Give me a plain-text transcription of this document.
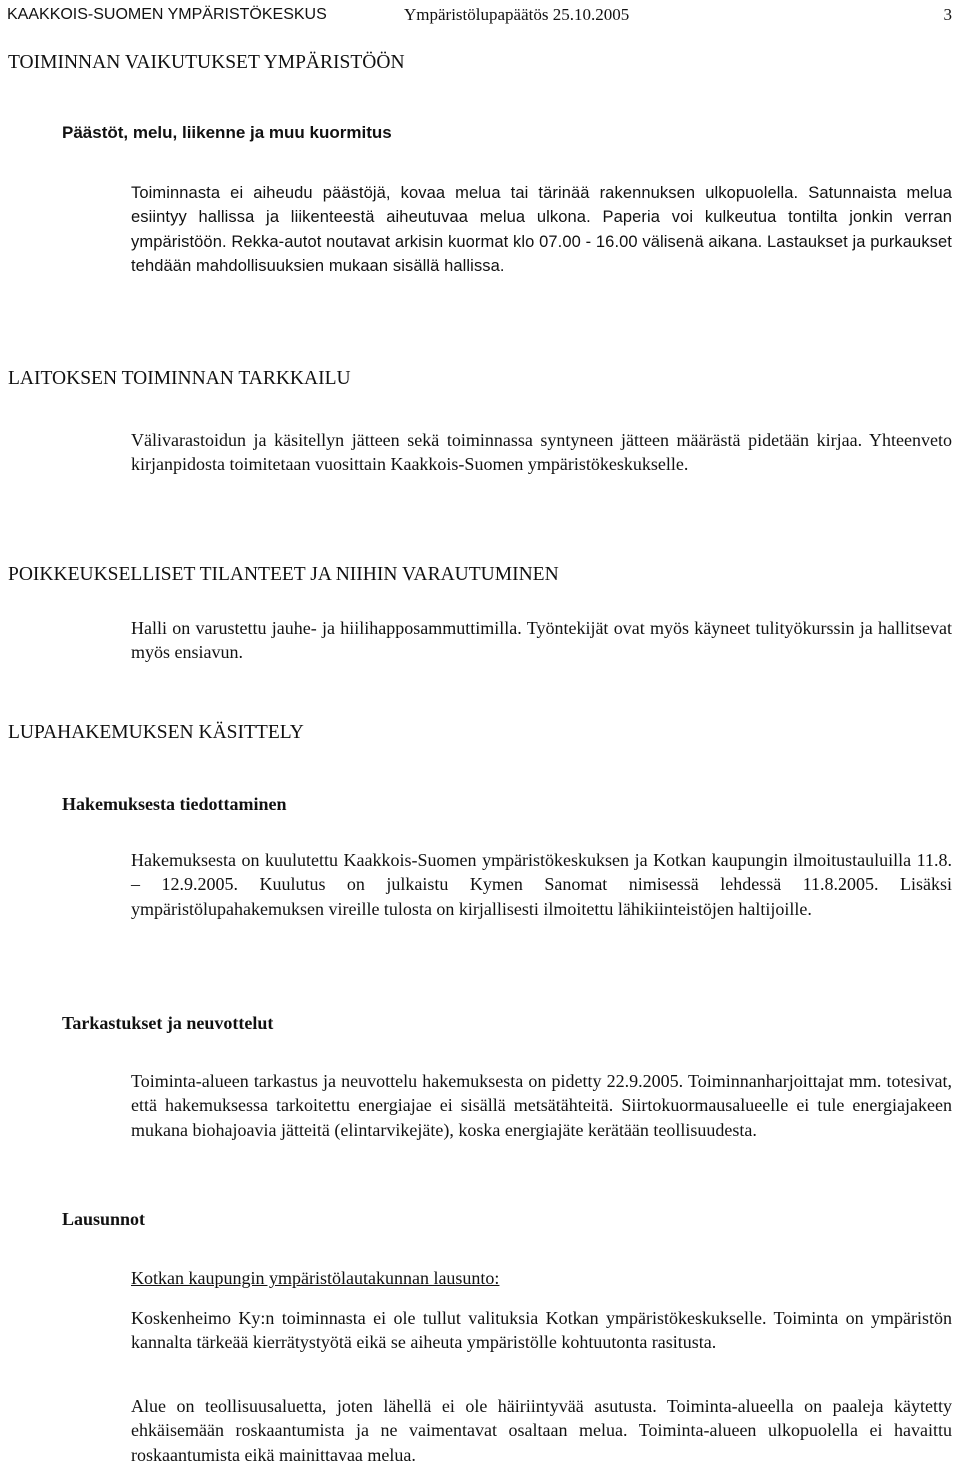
KAAKKOIS-SUOMEN YMPÄRISTÖKESKUS	Ympäristölupapäätös 25.10.2005	3
TOIMINNAN VAIKUTUKSET YMPÄRISTÖÖN
Päästöt, melu, liikenne ja muu kuormitus

Toiminnasta ei aiheudu päästöjä, kovaa melua tai tärinää rakennuksen ulkopuolella. Satunnaista melua esiintyy hallissa ja liikenteestä aiheutuvaa melua ulkona. Paperia voi kulkeutua tontilta jonkin verran ympäristöön. Rekka-autot noutavat arkisin kuormat klo 07.00 - 16.00 välisenä aikana. Lastaukset ja purkaukset tehdään mahdollisuuksien mukaan sisällä hallissa.

LAITOKSEN TOIMINNAN TARKKAILU

Välivarastoidun ja käsitellyn jätteen sekä toiminnassa syntyneen jätteen määrästä pidetään kirjaa. Yhteenveto kirjanpidosta toimitetaan vuosittain Kaakkois-Suomen ympäristökeskukselle.

POIKKEUKSELLISET TILANTEET JA NIIHIN VARAUTUMINEN

Halli on varustettu jauhe- ja hiilihapposammuttimilla. Työntekijät ovat myös käyneet tulityökurssin ja hallitsevat myös ensiavun.

LUPAHAKEMUKSEN KÄSITTELY
Hakemuksesta tiedottaminen

Hakemuksesta on kuulutettu Kaakkois-Suomen ympäristökeskuksen ja Kotkan kaupungin ilmoitustauluilla 11.8. – 12.9.2005. Kuulutus on julkaistu Kymen Sanomat nimisessä lehdessä 11.8.2005. Lisäksi ympäristölupahakemuksen vireille tulosta on kirjallisesti ilmoitettu lähikiinteistöjen haltijoille.

Tarkastukset ja neuvottelut

Toiminta-alueen tarkastus ja neuvottelu hakemuksesta on pidetty 22.9.2005. Toiminnanharjoittajat mm. totesivat, että hakemuksessa tarkoitettu energiajae ei sisällä metsätähteitä. Siirtokuormausalueelle ei tule energiajakeen mukana biohajoavia jätteitä (elintarvikejäte), koska energiajäte kerätään teollisuudesta.

Lausunnot
Kotkan kaupungin ympäristölautakunnan lausunto:

Koskenheimo Ky:n toiminnasta ei ole tullut valituksia Kotkan ympäristökeskukselle. Toiminta on ympäristön kannalta tärkeää kierrätystyötä eikä se aiheuta ympäristölle kohtuutonta rasitusta.

Alue on teollisuusaluetta, joten lähellä ei ole häiriintyvää asutusta. Toiminta-alueella on paaleja käytetty ehkäisemään roskaantumista ja ne vaimentavat osaltaan melua. Toiminta-alueen ulkopuolella ei havaittu roskaantumista eikä mainittavaa melua.
